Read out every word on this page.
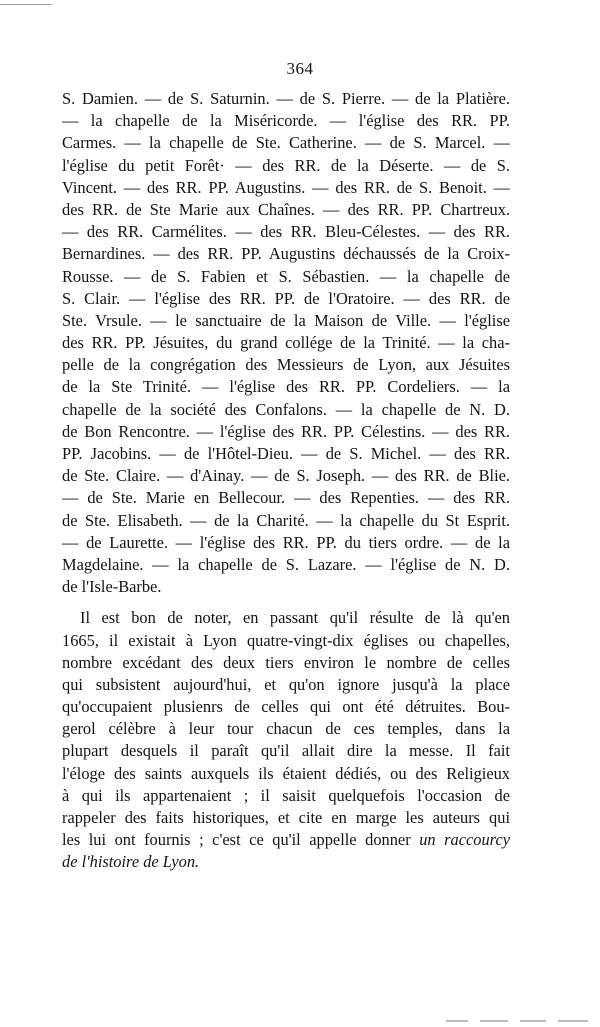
364
S. Damien. — de S. Saturnin. — de S. Pierre. — de la Platière.
— la chapelle de la Miséricorde. — l'église des RR. PP.
Carmes. — la chapelle de Ste. Catherine. — de S. Marcel. —
l'église du petit Forêt· — des RR. de la Déserte. — de S.
Vincent. — des RR. PP. Augustins. — des RR. de S. Benoit. —
des RR. de Ste Marie aux Chaînes. — des RR. PP. Chartreux.
— des RR. Carmélites. — des RR. Bleu-Célestes. — des RR.
Bernardines. — des RR. PP. Augustins déchaussés de la Croix-
Rousse. — de S. Fabien et S. Sébastien. — la chapelle de
S. Clair. — l'église des RR. PP. de l'Oratoire. — des RR. de
Ste. Vrsule. — le sanctuaire de la Maison de Ville. — l'église
des RR. PP. Jésuites, du grand collége de la Trinité. — la cha-
pelle de la congrégation des Messieurs de Lyon, aux Jésuites
de la Ste Trinité. — l'église des RR. PP. Cordeliers. — la
chapelle de la société des Confalons. — la chapelle de N. D.
de Bon Rencontre. — l'église des RR. PP. Célestins. — des RR.
PP. Jacobins. — de l'Hôtel-Dieu. — de S. Michel. — des RR.
de Ste. Claire. — d'Ainay. — de S. Joseph. — des RR. de Blie.
— de Ste. Marie en Bellecour. — des Repenties. — des RR.
de Ste. Elisabeth. — de la Charité. — la chapelle du St Esprit.
— de Laurette. — l'église des RR. PP. du tiers ordre. — de la
Magdelaine. — la chapelle de S. Lazare. — l'église de N. D.
de l'Isle-Barbe.
Il est bon de noter, en passant qu'il résulte de là qu'en
1665, il existait à Lyon quatre-vingt-dix églises ou chapelles,
nombre excédant des deux tiers environ le nombre de celles
qui subsistent aujourd'hui, et qu'on ignore jusqu'à la place
qu'occupaient plusienrs de celles qui ont été détruites. Bou-
gerol célèbre à leur tour chacun de ces temples, dans la
plupart desquels il paraît qu'il allait dire la messe. Il fait
l'éloge des saints auxquels ils étaient dédiés, ou des Religieux
à qui ils appartenaient ; il saisit quelquefois l'occasion de
rappeler des faits historiques, et cite en marge les auteurs qui
les lui ont fournis ; c'est ce qu'il appelle donner un raccourcy
de l'histoire de Lyon.
